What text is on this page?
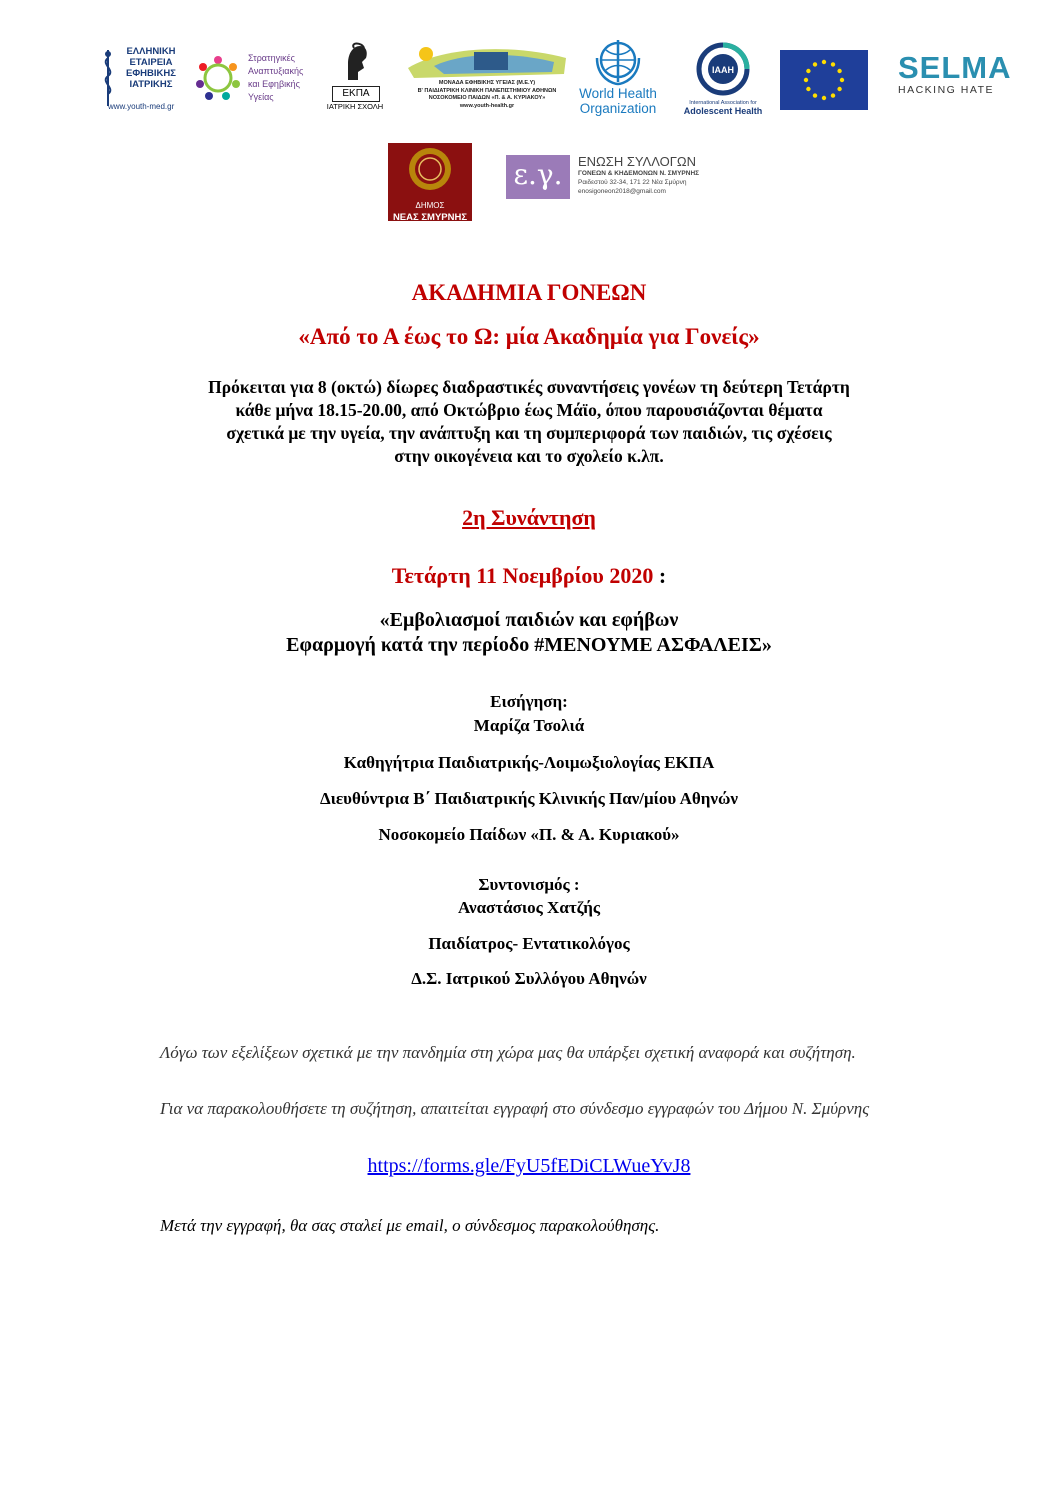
ΕΛΛΗΝΙΚΗ
ΕΤΑΙΡΕΙΑ
ΕΦΗΒΙΚΗΣ
ΙΑΤΡΙΚΗΣ
www.youth-med.gr
Στρατηγικές
Αναπτυξιακής
και Εφηβικής
Υγείας	ΕΚΠΑ
ΙΑΤΡΙΚΗ ΣΧΟΛΗ
ΜΟΝΑΔΑ ΕΦΗΒΙΚΗΣ ΥΓΕΙΑΣ (Μ.Ε.Υ)
Β' ΠΑΙΔΙΑΤΡΙΚΗ ΚΛΙΝΙΚΗ ΠΑΝΕΠΙΣΤΗΜΙΟΥ ΑΘΗΝΩΝ
ΝΟΣΟΚΟΜΕΙΟ ΠΑΙΔΩΝ «Π. & Α. ΚΥΡΙΑΚΟΥ»
www.youth-health.gr
World Health
Organization
IAAH
International Association for
Adolescent Health
SELMA
HACKING HATE
ΔΗΜΟΣ
ΝΕΑΣ ΣΜΥΡΝΗΣ
ε.γ.	ΕΝΩΣΗ ΣΥΛΛΟΓΩΝ
ΓΟΝΕΩΝ & ΚΗΔΕΜΟΝΩΝ Ν. ΣΜΥΡΝΗΣ
Ραιδεστού 32-34, 171 22 Νέα Σμύρνη
enosigoneon2018@gmail.com
ΑΚΑΔΗΜΙΑ ΓΟΝΕΩΝ
«Από το Α έως το Ω: μία Ακαδημία για Γονείς»
Πρόκειται για 8 (οκτώ) δίωρες διαδραστικές συναντήσεις γονέων τη δεύτερη Τετάρτη
κάθε μήνα 18.15-20.00, από Οκτώβριο έως Μάϊο, όπου παρουσιάζονται θέματα
σχετικά με την υγεία, την ανάπτυξη και τη συμπεριφορά των παιδιών, τις σχέσεις
στην οικογένεια και το σχολείο κ.λπ.
2η Συνάντηση
Τετάρτη 11 Νοεμβρίου 2020 :
«Εμβολιασμοί παιδιών και εφήβων
Εφαρμογή κατά την περίοδο #ΜΕΝΟΥΜΕ ΑΣΦΑΛΕΙΣ»
Εισήγηση:
Μαρίζα Τσολιά
Καθηγήτρια Παιδιατρικής-Λοιμωξιολογίας ΕΚΠΑ
Διευθύντρια Β΄ Παιδιατρικής Κλινικής Παν/μίου Αθηνών
Νοσοκομείο Παίδων «Π. & Α. Κυριακού»
Συντονισμός :
Αναστάσιος Χατζής
Παιδίατρος- Εντατικολόγος
Δ.Σ. Ιατρικού Συλλόγου Αθηνών
Λόγω των εξελίξεων σχετικά με την πανδημία στη χώρα μας θα υπάρξει σχετική αναφορά και συζήτηση.
Για να παρακολουθήσετε τη συζήτηση, απαιτείται εγγραφή στο σύνδεσμο εγγραφών του Δήμου Ν. Σμύρνης
https://forms.gle/FyU5fEDiCLWueYvJ8
Μετά την εγγραφή, θα σας σταλεί με email, ο σύνδεσμος παρακολούθησης.
